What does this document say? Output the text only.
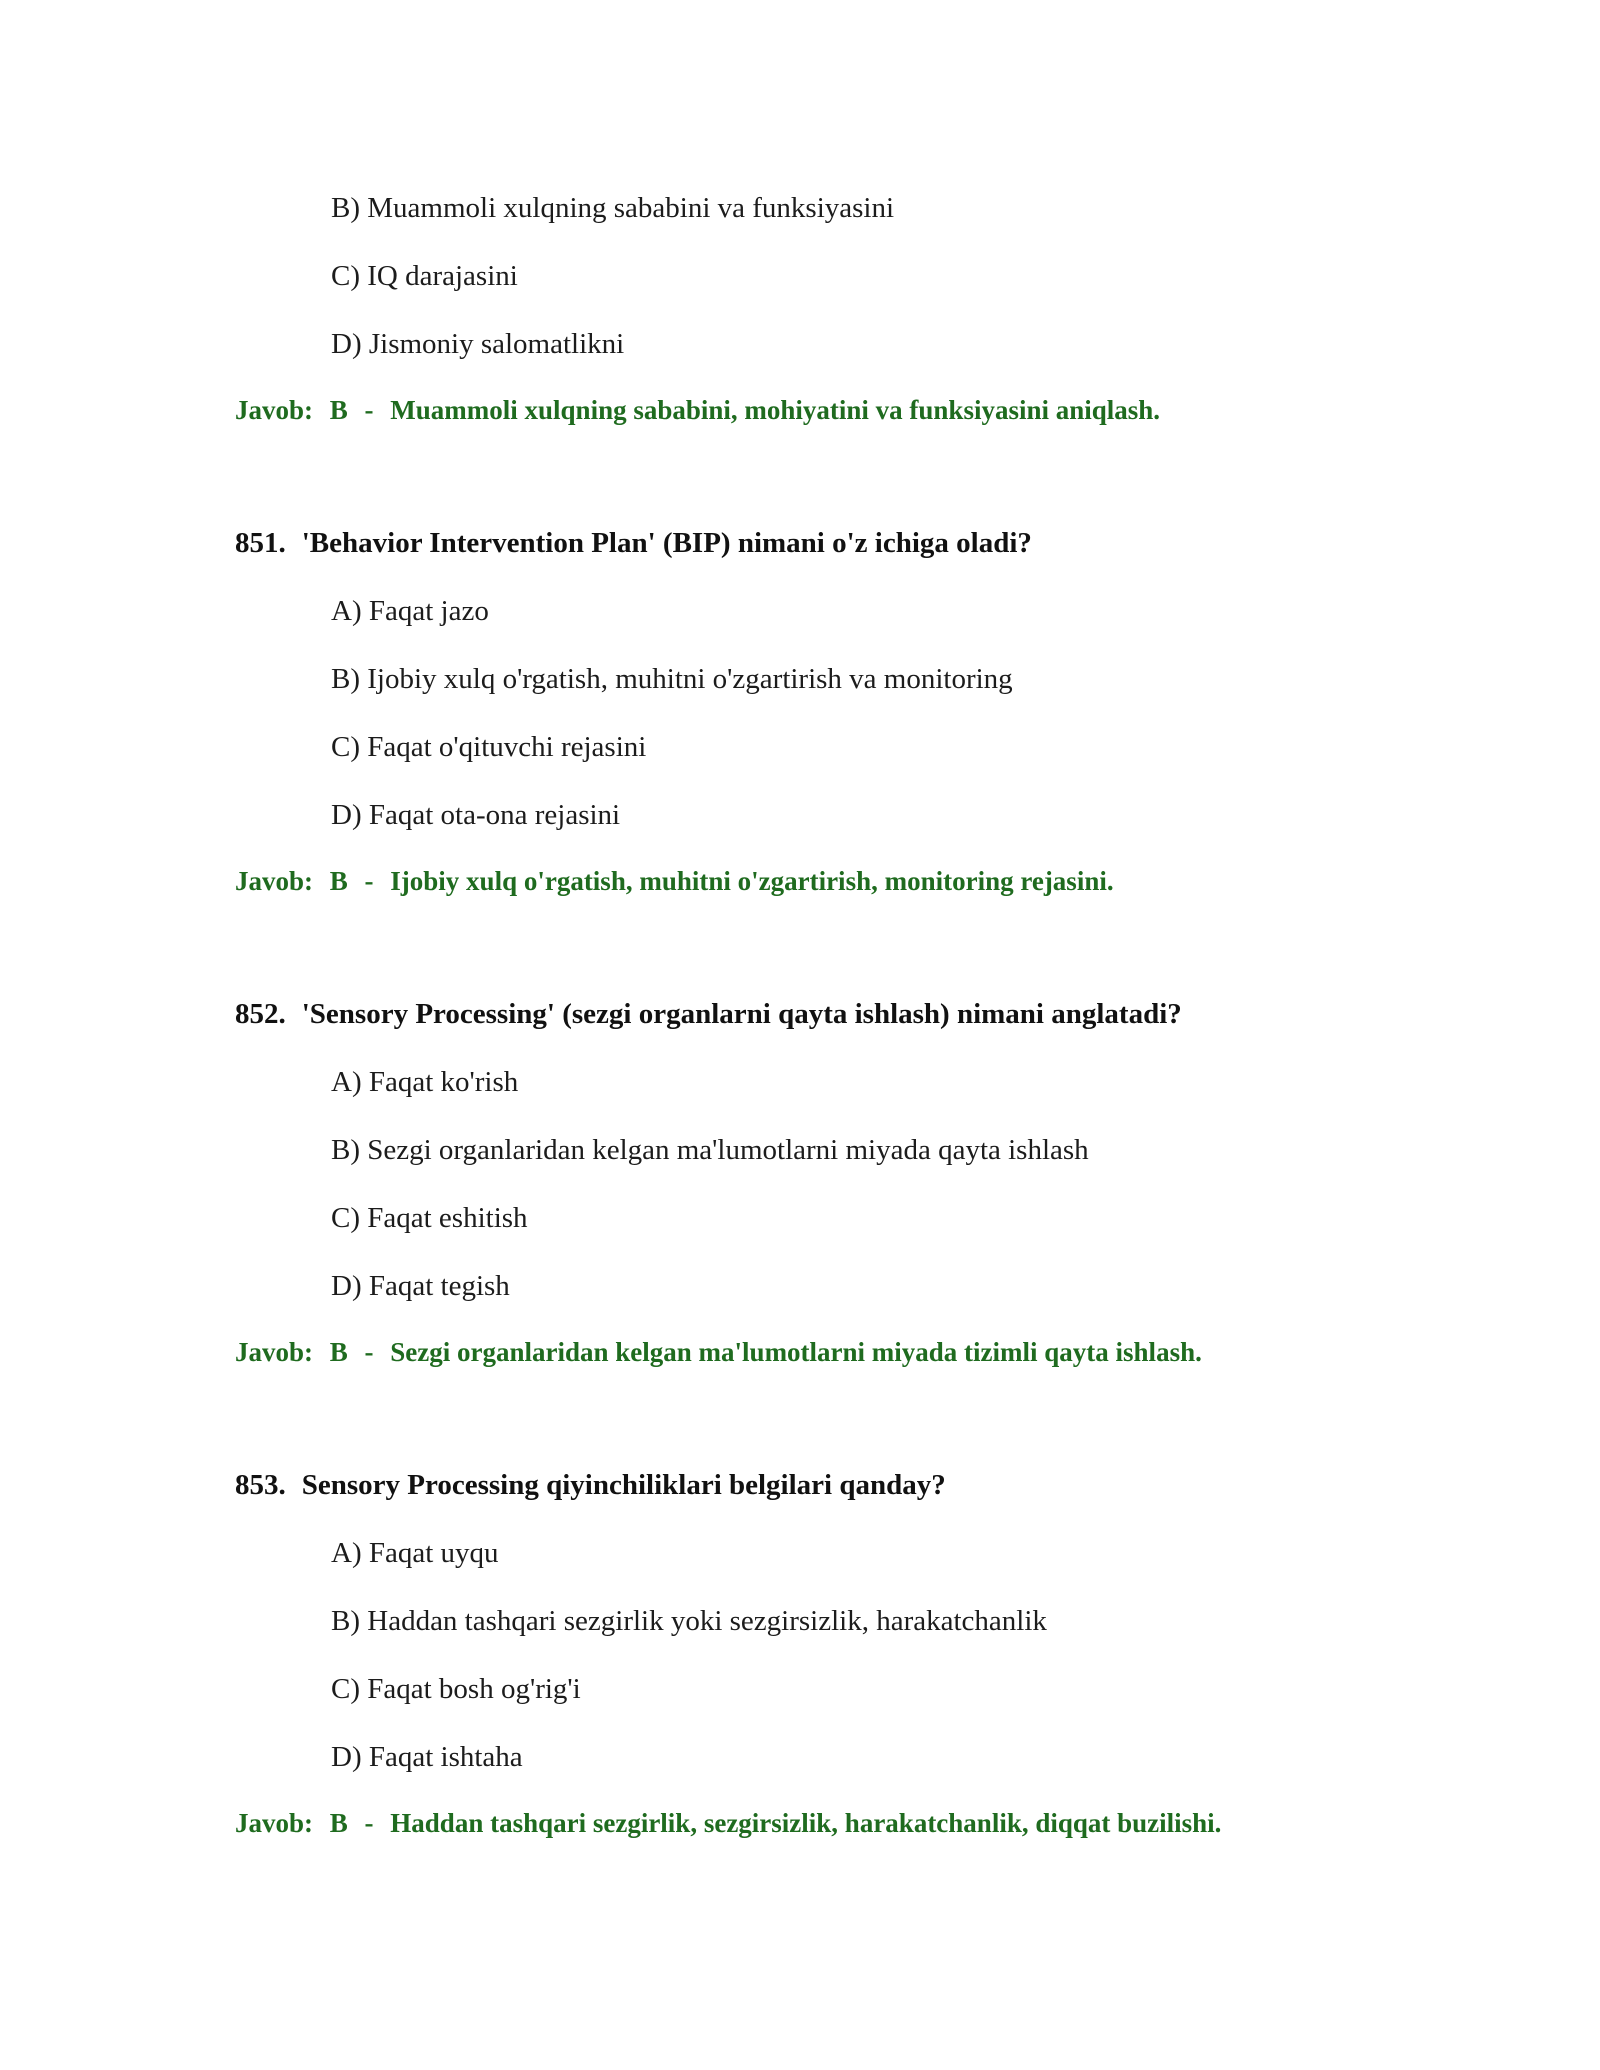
B) Muammoli xulqning sababini va funksiyasini
C) IQ darajasini
D) Jismoniy salomatlikni
Javob: B - Muammoli xulqning sababini, mohiyatini va funksiyasini aniqlash.
851. 'Behavior Intervention Plan' (BIP) nimani o'z ichiga oladi?
A) Faqat jazo
B) Ijobiy xulq o'rgatish, muhitni o'zgartirish va monitoring
C) Faqat o'qituvchi rejasini
D) Faqat ota-ona rejasini
Javob: B - Ijobiy xulq o'rgatish, muhitni o'zgartirish, monitoring rejasini.
852. 'Sensory Processing' (sezgi organlarni qayta ishlash) nimani anglatadi?
A) Faqat ko'rish
B) Sezgi organlaridan kelgan ma'lumotlarni miyada qayta ishlash
C) Faqat eshitish
D) Faqat tegish
Javob: B - Sezgi organlaridan kelgan ma'lumotlarni miyada tizimli qayta ishlash.
853. Sensory Processing qiyinchiliklari belgilari qanday?
A) Faqat uyqu
B) Haddan tashqari sezgirlik yoki sezgirsizlik, harakatchanlik
C) Faqat bosh og'rig'i
D) Faqat ishtaha
Javob: B - Haddan tashqari sezgirlik, sezgirsizlik, harakatchanlik, diqqat buzilishi.
